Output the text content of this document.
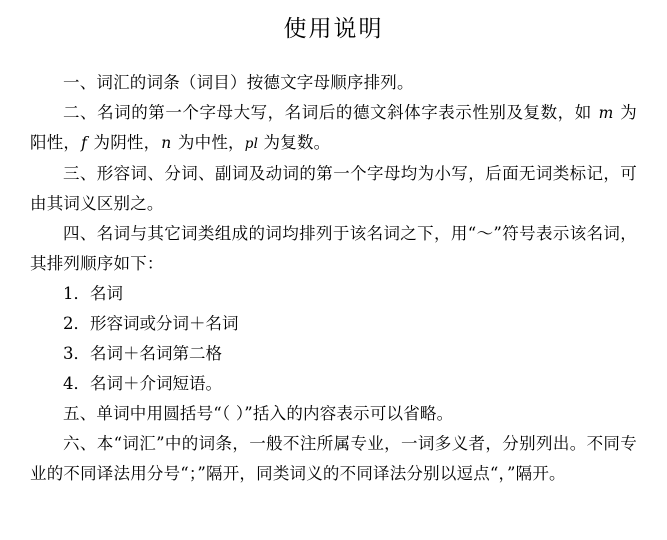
使用说明

一、词汇的词条（词目）按德文字母顺序排列。

二、名词的第一个字母大写，名词后的德文斜体字表示性别及复数，如 m 为阳性，f 为阴性，n 为中性，pl 为复数。

三、形容词、分词、副词及动词的第一个字母均为小写，后面无词类标记，可由其词义区别之。

四、名词与其它词类组成的词均排列于该名词之下，用“～”符号表示该名词，其排列顺序如下：

1．名词

2．形容词或分词＋名词

3．名词＋名词第二格

4．名词＋介词短语。

五、单词中用圆括号“（ ）”括入的内容表示可以省略。

六、本“词汇”中的词条，一般不注所属专业，一词多义者，分别列出。不同专业的不同译法用分号“；”隔开，同类词义的不同译法分别以逗点“，”隔开。
